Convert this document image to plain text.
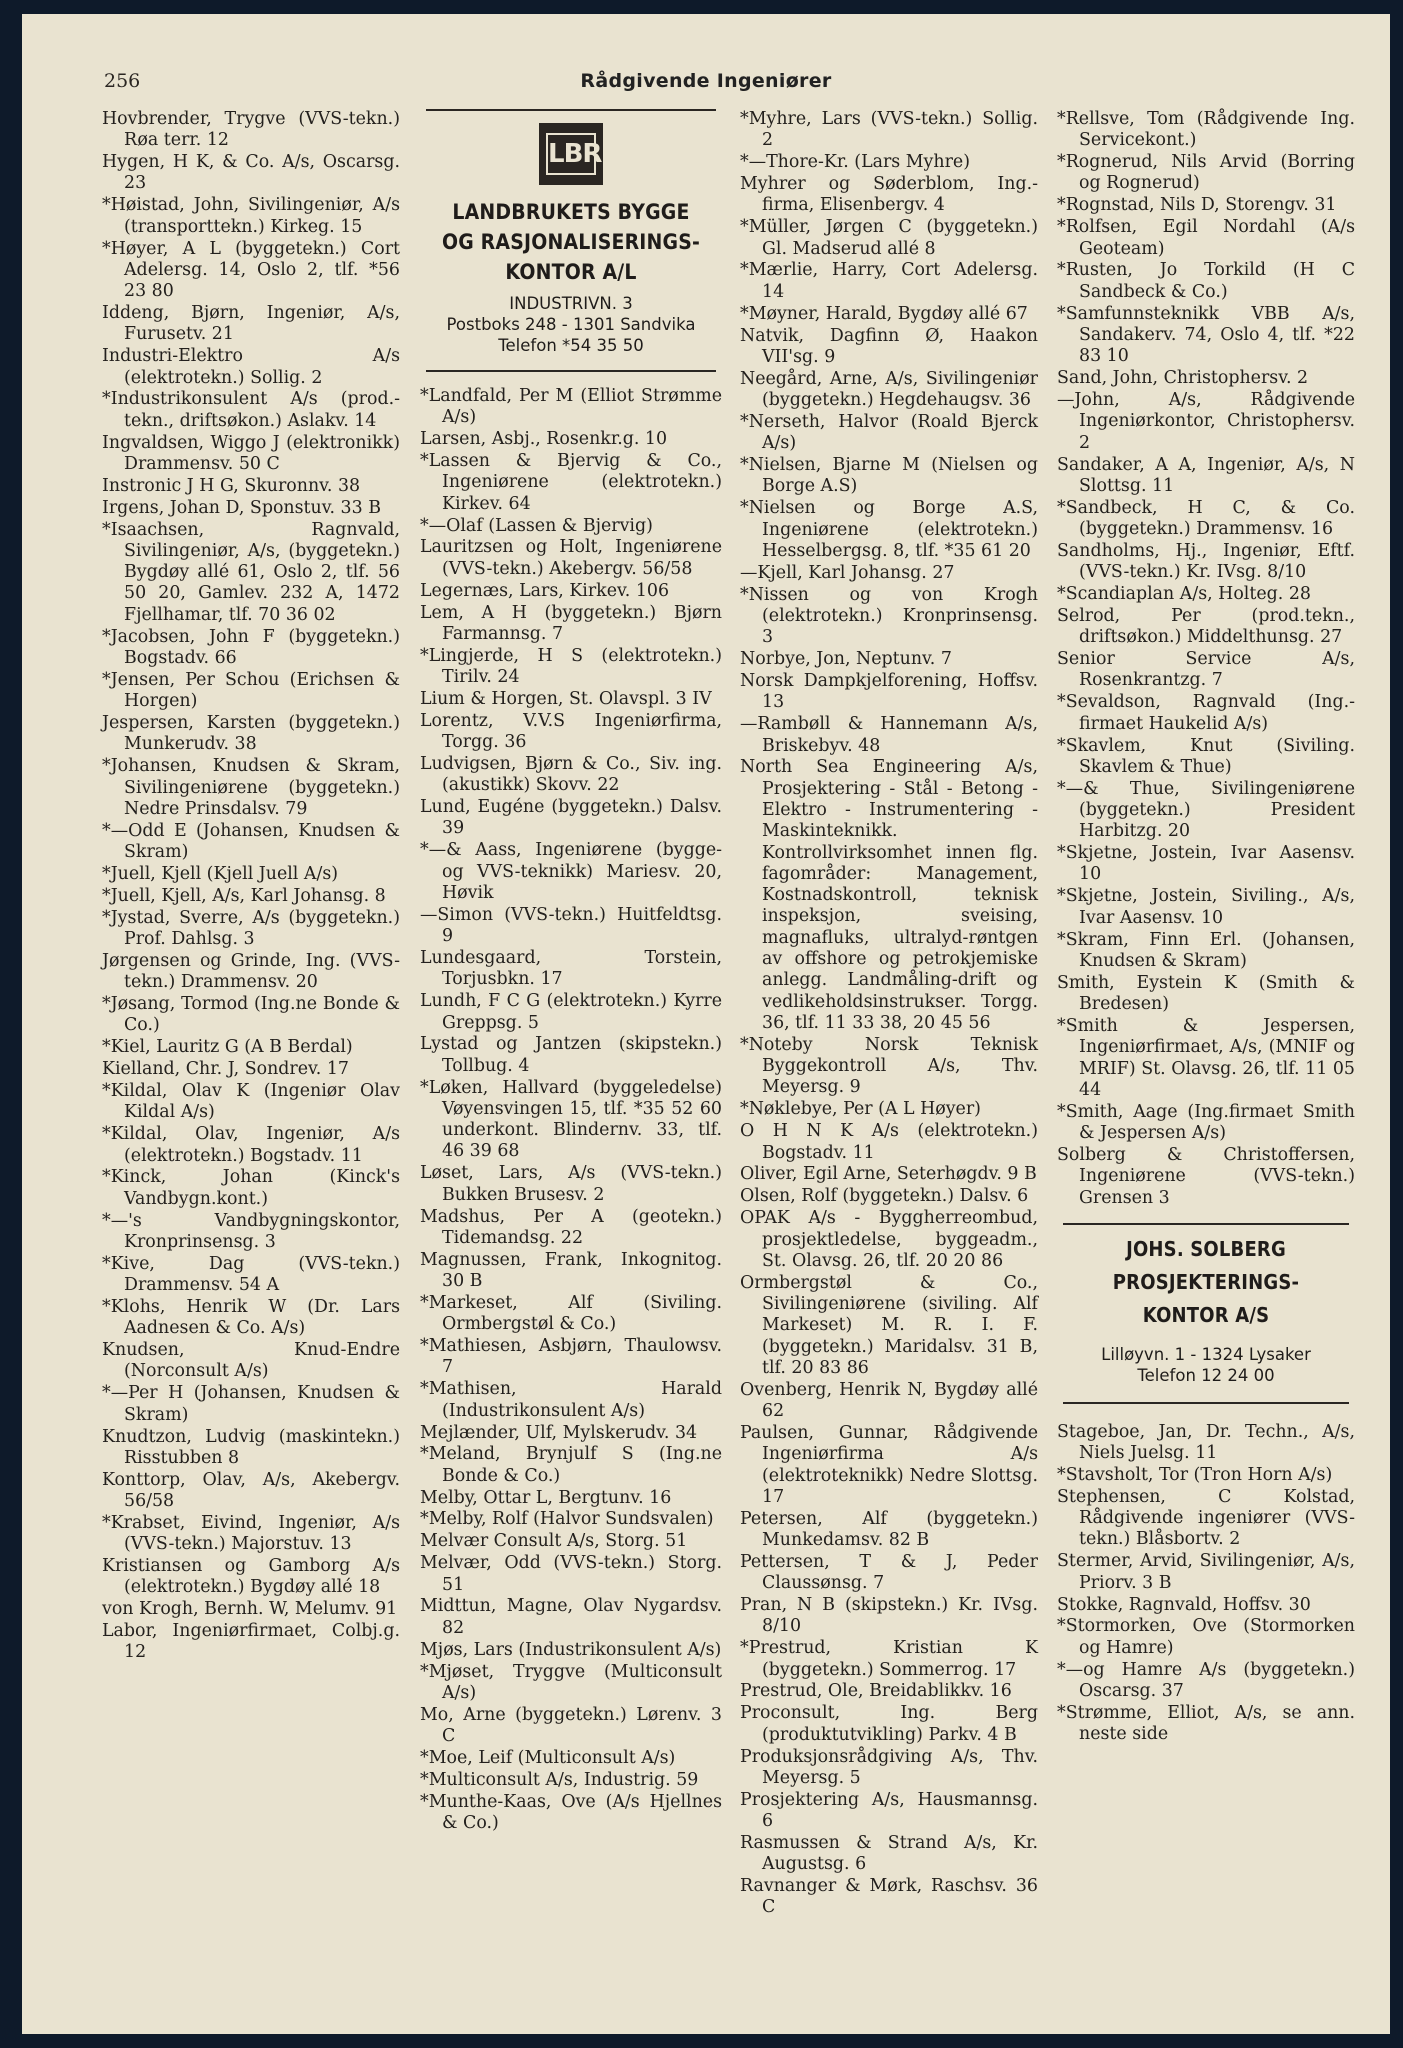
256	Rådgivende Ingeniører
Hovbrender, Trygve (VVS-tekn.) Røa terr. 12
Hygen, H K, & Co. A/s, Oscarsg. 23
*Høistad, John, Sivilingeniør, A/s (transporttekn.) Kirkeg. 15
*Høyer, A L (byggetekn.) Cort Adelersg. 14, Oslo 2, tlf. *56 23 80
Iddeng, Bjørn, Ingeniør, A/s, Furusetv. 21
Industri-Elektro A/s (elektrotekn.) Sollig. 2
*Industrikonsulent A/s (prod.-tekn., driftsøkon.) Aslakv. 14
Ingvaldsen, Wiggo J (elektronikk) Drammensv. 50 C
Instronic J H G, Skuronnv. 38
Irgens, Johan D, Sponstuv. 33 B
*Isaachsen, Ragnvald, Sivilingeniør, A/s, (byggetekn.) Bygdøy allé 61, Oslo 2, tlf. 56 50 20, Gamlev. 232 A, 1472 Fjellhamar, tlf. 70 36 02
*Jacobsen, John F (byggetekn.) Bogstadv. 66
*Jensen, Per Schou (Erichsen & Horgen)
Jespersen, Karsten (byggetekn.) Munkerudv. 38
*Johansen, Knudsen & Skram, Sivilingeniørene (byggetekn.) Nedre Prinsdalsv. 79
*—Odd E (Johansen, Knudsen & Skram)
*Juell, Kjell (Kjell Juell A/s)
*Juell, Kjell, A/s, Karl Johansg. 8
*Jystad, Sverre, A/s (byggetekn.) Prof. Dahlsg. 3
Jørgensen og Grinde, Ing. (VVS-tekn.) Drammensv. 20
*Jøsang, Tormod (Ing.ne Bonde & Co.)
*Kiel, Lauritz G (A B Berdal)
Kielland, Chr. J, Sondrev. 17
*Kildal, Olav K (Ingeniør Olav Kildal A/s)
*Kildal, Olav, Ingeniør, A/s (elektrotekn.) Bogstadv. 11
*Kinck, Johan (Kinck's Vandbygn.kont.)
*—'s Vandbygningskontor, Kronprinsensg. 3
*Kive, Dag (VVS-tekn.) Drammensv. 54 A
*Klohs, Henrik W (Dr. Lars Aadnesen & Co. A/s)
Knudsen, Knud-Endre (Norconsult A/s)
*—Per H (Johansen, Knudsen & Skram)
Knudtzon, Ludvig (maskintekn.) Risstubben 8
Konttorp, Olav, A/s, Akebergv. 56/58
*Krabset, Eivind, Ingeniør, A/s (VVS-tekn.) Majorstuv. 13
Kristiansen og Gamborg A/s (elektrotekn.) Bygdøy allé 18
von Krogh, Bernh. W, Melumv. 91
Labor, Ingeniørfirmaet, Colbj.g. 12
LBR
LANDBRUKETS BYGGE
OG RASJONALISERINGS-
KONTOR A/L
INDUSTRIVN. 3
Postboks 248 - 1301 Sandvika
Telefon *54 35 50
*Landfald, Per M (Elliot Strømme A/s)
Larsen, Asbj., Rosenkr.g. 10
*Lassen & Bjervig & Co., Ingeniørene (elektrotekn.) Kirkev. 64
*—Olaf (Lassen & Bjervig)
Lauritzsen og Holt, Ingeniørene (VVS-tekn.) Akebergv. 56/58
Legernæs, Lars, Kirkev. 106
Lem, A H (byggetekn.) Bjørn Farmannsg. 7
*Lingjerde, H S (elektrotekn.) Tirilv. 24
Lium & Horgen, St. Olavspl. 3 IV
Lorentz, V.V.S Ingeniørfirma, Torgg. 36
Ludvigsen, Bjørn & Co., Siv. ing. (akustikk) Skovv. 22
Lund, Eugéne (byggetekn.) Dalsv. 39
*—& Aass, Ingeniørene (bygge- og VVS-teknikk) Mariesv. 20, Høvik
—Simon (VVS-tekn.) Huitfeldtsg. 9
Lundesgaard, Torstein, Torjusbkn. 17
Lundh, F C G (elektrotekn.) Kyrre Greppsg. 5
Lystad og Jantzen (skipstekn.) Tollbug. 4
*Løken, Hallvard (byggeledelse) Vøyensvingen 15, tlf. *35 52 60 underkont. Blindernv. 33, tlf. 46 39 68
Løset, Lars, A/s (VVS-tekn.) Bukken Brusesv. 2
Madshus, Per A (geotekn.) Tidemandsg. 22
Magnussen, Frank, Inkognitog. 30 B
*Markeset, Alf (Siviling. Ormbergstøl & Co.)
*Mathiesen, Asbjørn, Thaulowsv. 7
*Mathisen, Harald (Industrikonsulent A/s)
Mejlænder, Ulf, Mylskerudv. 34
*Meland, Brynjulf S (Ing.ne Bonde & Co.)
Melby, Ottar L, Bergtunv. 16
*Melby, Rolf (Halvor Sundsvalen)
Melvær Consult A/s, Storg. 51
Melvær, Odd (VVS-tekn.) Storg. 51
Midttun, Magne, Olav Nygardsv. 82
Mjøs, Lars (Industrikonsulent A/s)
*Mjøset, Tryggve (Multiconsult A/s)
Mo, Arne (byggetekn.) Lørenv. 3 C
*Moe, Leif (Multiconsult A/s)
*Multiconsult A/s, Industrig. 59
*Munthe-Kaas, Ove (A/s Hjellnes & Co.)
*Myhre, Lars (VVS-tekn.) Sollig. 2
*—Thore-Kr. (Lars Myhre)
Myhrer og Søderblom, Ing.-firma, Elisenbergv. 4
*Müller, Jørgen C (byggetekn.) Gl. Madserud allé 8
*Mærlie, Harry, Cort Adelersg. 14
*Møyner, Harald, Bygdøy allé 67
Natvik, Dagfinn Ø, Haakon VII'sg. 9
Neegård, Arne, A/s, Sivilingeniør (byggetekn.) Hegdehaugsv. 36
*Nerseth, Halvor (Roald Bjerck A/s)
*Nielsen, Bjarne M (Nielsen og Borge A.S)
*Nielsen og Borge A.S, Ingeniørene (elektrotekn.) Hesselbergsg. 8, tlf. *35 61 20
—Kjell, Karl Johansg. 27
*Nissen og von Krogh (elektrotekn.) Kronprinsensg. 3
Norbye, Jon, Neptunv. 7
Norsk Dampkjelforening, Hoffsv. 13
—Rambøll & Hannemann A/s, Briskebyv. 48
North Sea Engineering A/s, Prosjektering - Stål - Betong - Elektro - Instrumentering - Maskinteknikk. Kontrollvirksomhet innen flg. fagområder: Management, Kostnadskontroll, teknisk inspeksjon, sveising, magnafluks, ultralyd-røntgen av offshore og petrokjemiske anlegg. Landmåling-drift og vedlikeholdsinstrukser. Torgg. 36, tlf. 11 33 38, 20 45 56
*Noteby Norsk Teknisk Byggekontroll A/s, Thv. Meyersg. 9
*Nøklebye, Per (A L Høyer)
O H N K A/s (elektrotekn.) Bogstadv. 11
Oliver, Egil Arne, Seterhøgdv. 9 B
Olsen, Rolf (byggetekn.) Dalsv. 6
OPAK A/s - Byggherreombud, prosjektledelse, byggeadm., St. Olavsg. 26, tlf. 20 20 86
Ormbergstøl & Co., Sivilingeniørene (siviling. Alf Markeset) M. R. I. F. (byggetekn.) Maridalsv. 31 B, tlf. 20 83 86
Ovenberg, Henrik N, Bygdøy allé 62
Paulsen, Gunnar, Rådgivende Ingeniørfirma A/s (elektroteknikk) Nedre Slottsg. 17
Petersen, Alf (byggetekn.) Munkedamsv. 82 B
Pettersen, T & J, Peder Claussønsg. 7
Pran, N B (skipstekn.) Kr. IVsg. 8/10
*Prestrud, Kristian K (byggetekn.) Sommerrog. 17
Prestrud, Ole, Breidablikkv. 16
Proconsult, Ing. Berg (produktutvikling) Parkv. 4 B
Produksjonsrådgiving A/s, Thv. Meyersg. 5
Prosjektering A/s, Hausmannsg. 6
Rasmussen & Strand A/s, Kr. Augustsg. 6
Ravnanger & Mørk, Raschsv. 36 C
*Rellsve, Tom (Rådgivende Ing. Servicekont.)
*Rognerud, Nils Arvid (Borring og Rognerud)
*Rognstad, Nils D, Storengv. 31
*Rolfsen, Egil Nordahl (A/s Geoteam)
*Rusten, Jo Torkild (H C Sandbeck & Co.)
*Samfunnsteknikk VBB A/s, Sandakerv. 74, Oslo 4, tlf. *22 83 10
Sand, John, Christophersv. 2
—John, A/s, Rådgivende Ingeniørkontor, Christophersv. 2
Sandaker, A A, Ingeniør, A/s, N Slottsg. 11
*Sandbeck, H C, & Co. (byggetekn.) Drammensv. 16
Sandholms, Hj., Ingeniør, Eftf. (VVS-tekn.) Kr. IVsg. 8/10
*Scandiaplan A/s, Holteg. 28
Selrod, Per (prod.tekn., driftsøkon.) Middelthunsg. 27
Senior Service A/s, Rosenkrantzg. 7
*Sevaldson, Ragnvald (Ing.-firmaet Haukelid A/s)
*Skavlem, Knut (Siviling. Skavlem & Thue)
*—& Thue, Sivilingeniørene (byggetekn.) President Harbitzg. 20
*Skjetne, Jostein, Ivar Aasensv. 10
*Skjetne, Jostein, Siviling., A/s, Ivar Aasensv. 10
*Skram, Finn Erl. (Johansen, Knudsen & Skram)
Smith, Eystein K (Smith & Bredesen)
*Smith & Jespersen, Ingeniørfirmaet, A/s, (MNIF og MRIF) St. Olavsg. 26, tlf. 11 05 44
*Smith, Aage (Ing.firmaet Smith & Jespersen A/s)
Solberg & Christoffersen, Ingeniørene (VVS-tekn.) Grensen 3
JOHS. SOLBERG
PROSJEKTERINGS-
KONTOR A/S
Lilløyvn. 1 - 1324 Lysaker
Telefon 12 24 00
Stageboe, Jan, Dr. Techn., A/s, Niels Juelsg. 11
*Stavsholt, Tor (Tron Horn A/s)
Stephensen, C Kolstad, Rådgivende ingeniører (VVS-tekn.) Blåsbortv. 2
Stermer, Arvid, Sivilingeniør, A/s, Priorv. 3 B
Stokke, Ragnvald, Hoffsv. 30
*Stormorken, Ove (Stormorken og Hamre)
*—og Hamre A/s (byggetekn.) Oscarsg. 37
*Strømme, Elliot, A/s, se ann. neste side
